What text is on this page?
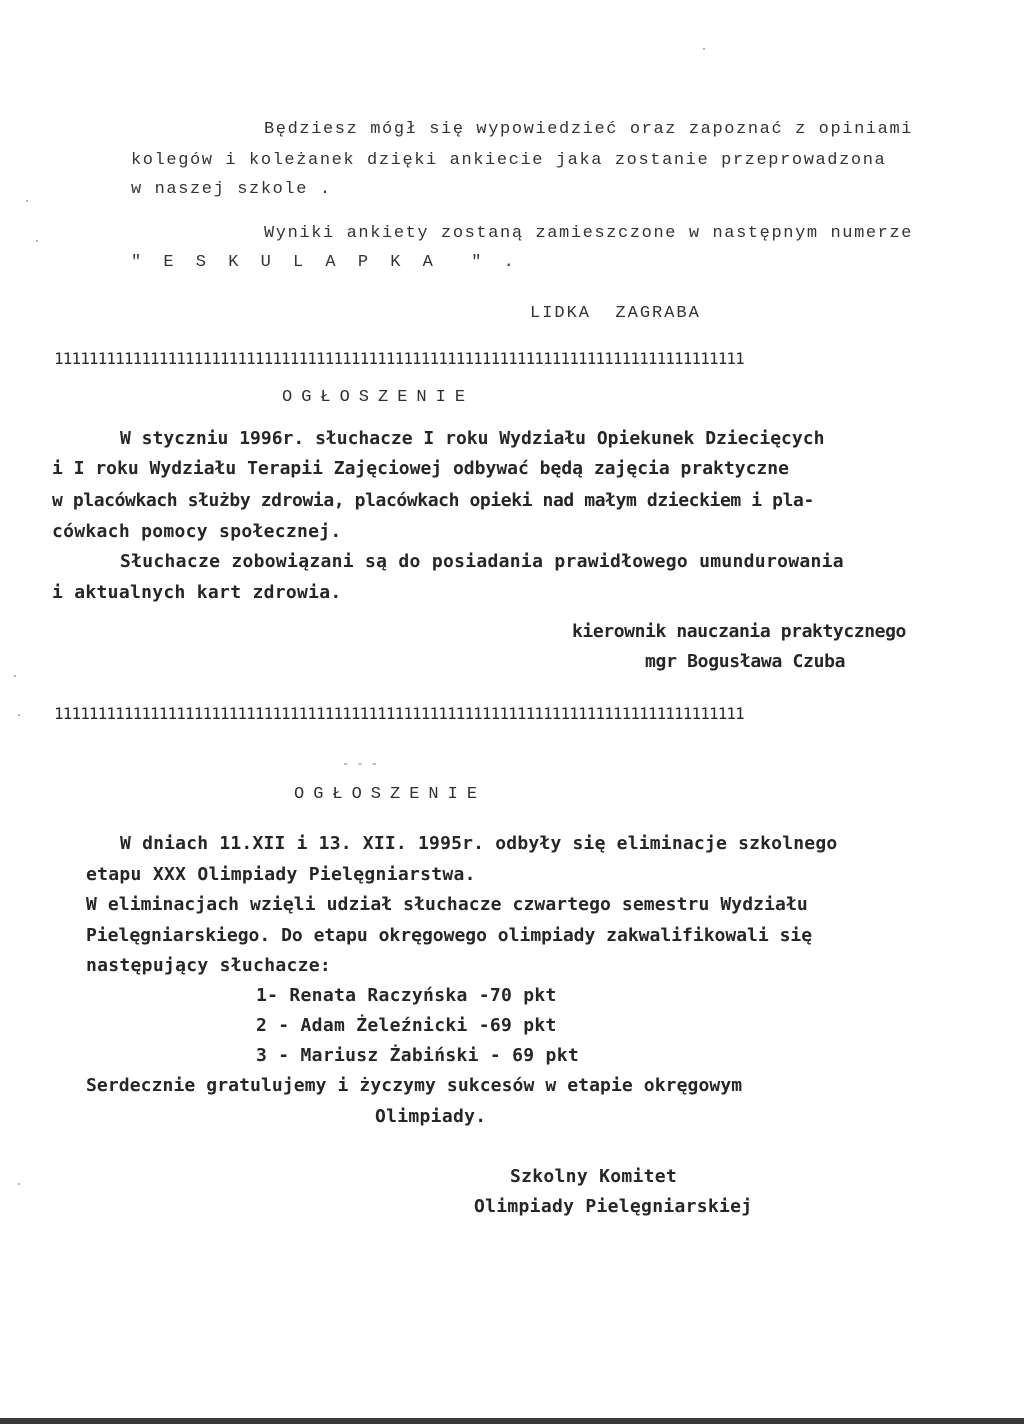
Będziesz mógł się wypowiedzieć oraz zapoznać z opiniami
kolegów i koleżanek dzięki ankiecie jaka zostanie przeprowadzona
w naszej szkole .
Wyniki ankiety zostaną zamieszczone w następnym numerze
" E S K U L A P K A  " .
LIDKA  ZAGRABA
1111111111111111111111111111111111111111111111111111111111111111111111111111111
OGŁOSZENIE
W styczniu 1996r. słuchacze I roku Wydziału Opiekunek Dziecięcych
i I roku Wydziału Terapii Zajęciowej odbywać będą zajęcia praktyczne
w placówkach służby zdrowia, placówkach opieki nad małym dzieckiem i pla-
cówkach pomocy społecznej.
Słuchacze zobowiązani są do posiadania prawidłowego umundurowania
i aktualnych kart zdrowia.
kierownik nauczania praktycznego
mgr Bogusława Czuba
1111111111111111111111111111111111111111111111111111111111111111111111111111111
- - -
OGŁOSZENIE
W dniach 11.XII i 13. XII. 1995r. odbyły się eliminacje szkolnego
etapu XXX Olimpiady Pielęgniarstwa.
W eliminacjach wzięli udział słuchacze czwartego semestru Wydziału
Pielęgniarskiego. Do etapu okręgowego olimpiady zakwalifikowali się
następujący słuchacze:
1- Renata Raczyńska -70 pkt
2 - Adam Żeleźnicki -69 pkt
3 - Mariusz Żabiński - 69 pkt
Serdecznie gratulujemy i życzymy sukcesów w etapie okręgowym
Olimpiady.
Szkolny Komitet
Olimpiady Pielęgniarskiej
